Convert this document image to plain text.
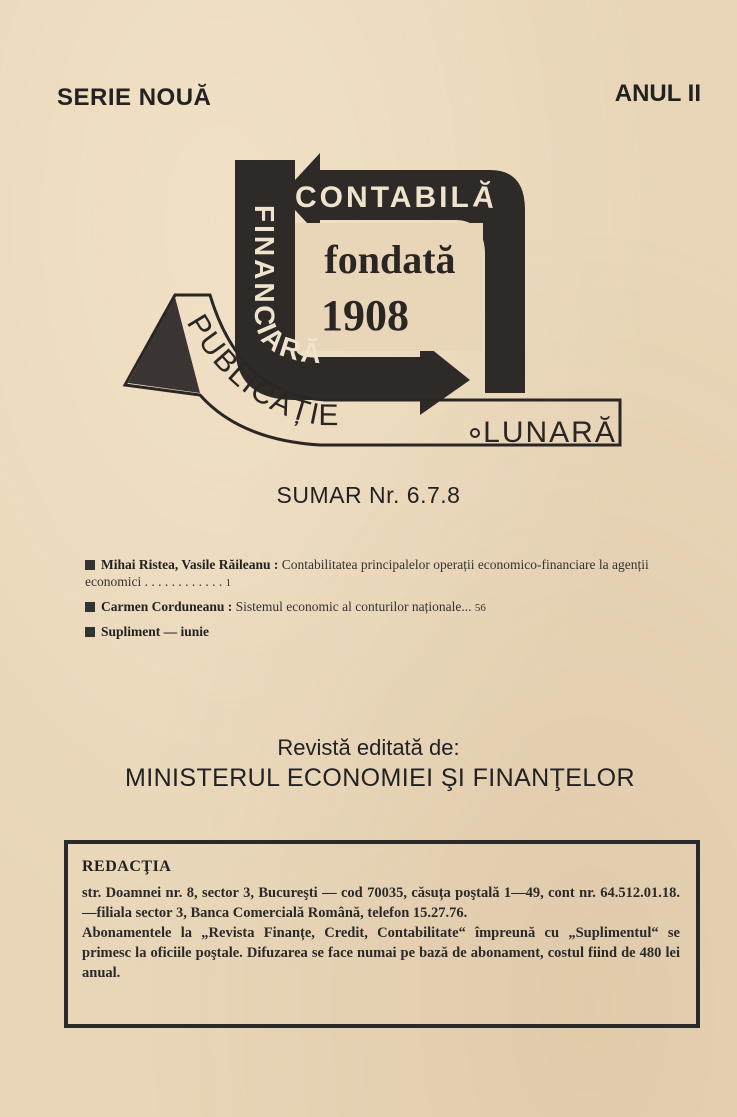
SERIE NOUĂ	ANUL II
CONTABILĂ
FINANCIARĂ
fondată
1908
PUBLICAȚIE
LUNARĂ
SUMAR Nr. 6.7.8
Mihai Ristea, Vasile Răileanu : Contabilitatea principalelor operații economico-financiare la agenții economici . . . . . . . . . . . . 1
Carmen Corduneanu : Sistemul economic al conturilor naționale... 56
Supliment — iunie
Revistă editată de:
MINISTERUL ECONOMIEI ŞI FINANŢELOR
REDACŢIA

str. Doamnei nr. 8, sector 3, Bucureşti — cod 70035, căsuța poştală 1—49, cont nr. 64.512.01.18.—filiala sector 3, Banca Comercială Română, telefon 15.27.76.

Abonamentele la „Revista Finanțe, Credit, Contabilitate“ împreună cu „Suplimentul“ se primesc la oficiile poştale. Difuzarea se face numai pe bază de abonament, costul fiind de 480 lei anual.
